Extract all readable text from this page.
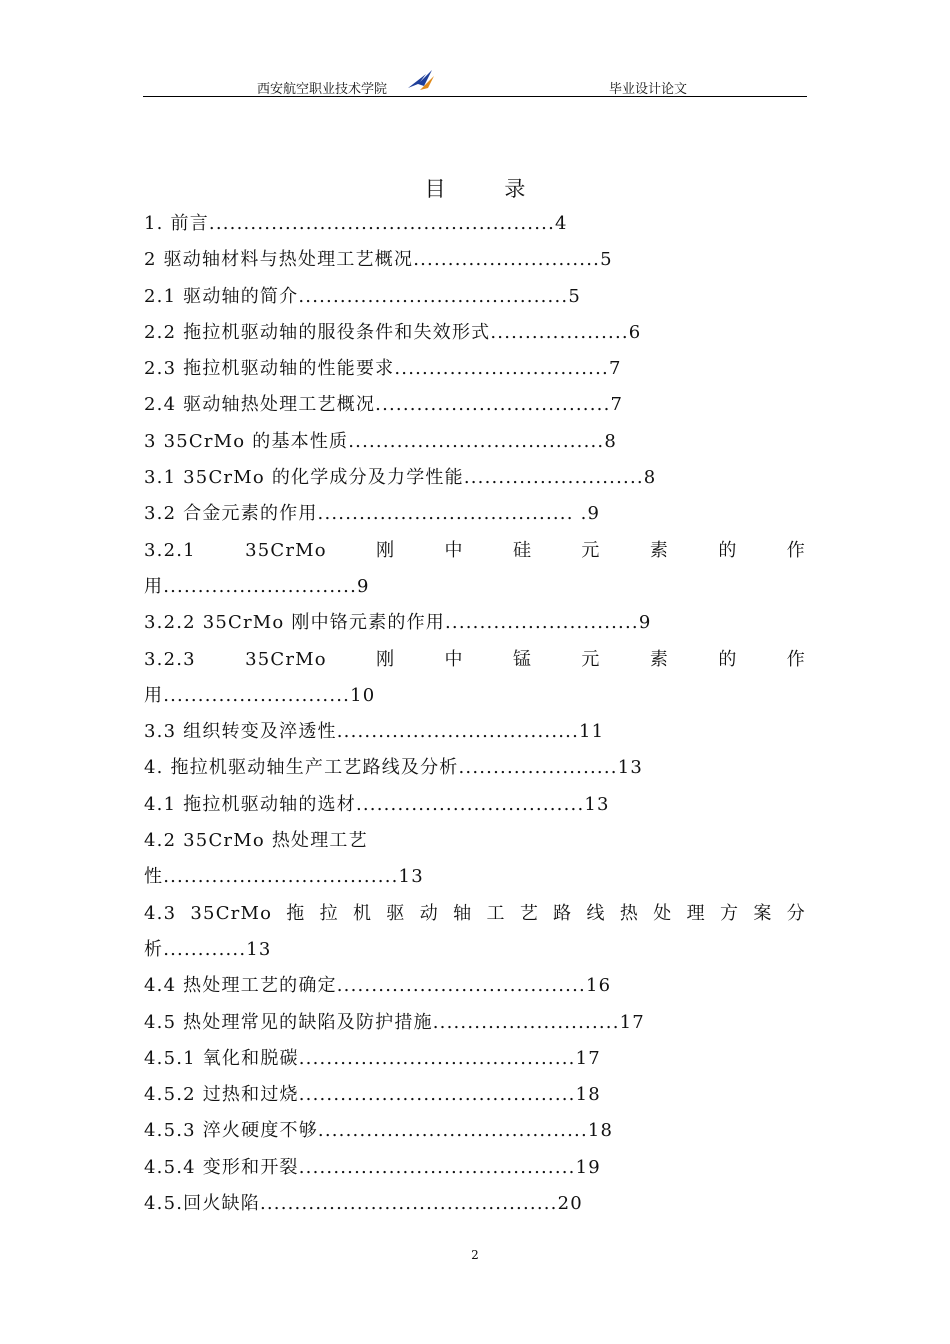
西安航空职业技术学院	毕业设计论文
目 录
1. 前言..................................................4
2 驱动轴材料与热处理工艺概况...........................5
2.1 驱动轴的简介.......................................5
2.2 拖拉机驱动轴的服役条件和失效形式....................6
2.3 拖拉机驱动轴的性能要求...............................7
2.4 驱动轴热处理工艺概况..................................7
3 35CrMo 的基本性质.....................................8
3.1 35CrMo 的化学成分及力学性能..........................8
3.2 合金元素的作用..................................... .9
3.2.1	35CrMo	刚	中	硅	元	素	的	作
用............................9
3.2.2 35CrMo 刚中铬元素的作用............................9
3.2.3	35CrMo	刚	中	锰	元	素	的	作
用...........................10
3.3 组织转变及淬透性...................................11
4. 拖拉机驱动轴生产工艺路线及分析.......................13
4.1 拖拉机驱动轴的选材.................................13
4.2 35CrMo 热处理工艺
性..................................13
4.3 35CrMo 拖 拉 机 驱 动 轴 工 艺 路 线 热 处 理 方 案 分
析............13
4.4 热处理工艺的确定....................................16
4.5 热处理常见的缺陷及防护措施...........................17
4.5.1 氧化和脱碳........................................17
4.5.2 过热和过烧........................................18
4.5.3 淬火硬度不够.......................................18
4.5.4 变形和开裂........................................19
4.5.回火缺陷...........................................20
2
